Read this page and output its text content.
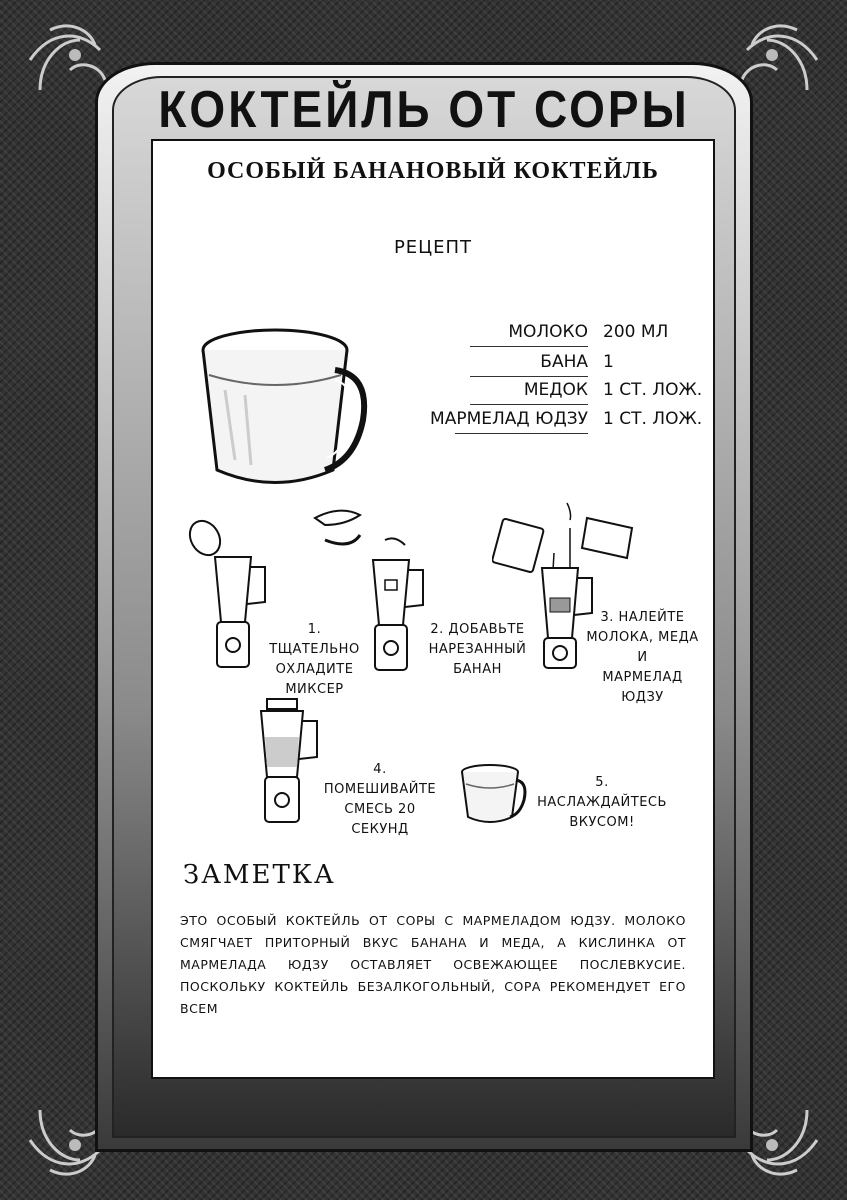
КОКТЕЙЛЬ ОТ СОРЫ
ОСОБЫЙ БАНАНОВЫЙ КОКТЕЙЛЬ
РЕЦЕПТ
МОЛОКО 200 МЛ
БАНА 1
МЕДОК 1 СТ. ЛОЖ.
МАРМЕЛАД ЮДЗУ 1 СТ. ЛОЖ.
1. ТЩАТЕЛЬНО
ОХЛАДИТЕ
МИКСЕР
2. ДОБАВЬТЕ
НАРЕЗАННЫЙ
БАНАН
3. НАЛЕЙТЕ
МОЛОКА, МЕДА И
МАРМЕЛАД ЮДЗУ
4. ПОМЕШИВАЙТЕ
СМЕСЬ 20 СЕКУНД
5. НАСЛАЖДАЙТЕСЬ
ВКУСОМ!
ЗАМЕТКА
ЭТО ОСОБЫЙ КОКТЕЙЛЬ ОТ СОРЫ С МАРМЕЛАДОМ ЮДЗУ. МОЛОКО СМЯГЧАЕТ ПРИТОРНЫЙ ВКУС БАНАНА И МЕДА, А КИСЛИНКА ОТ МАРМЕЛАДА ЮДЗУ ОСТАВЛЯЕТ ОСВЕЖАЮЩЕЕ ПОСЛЕВКУСИЕ. ПОСКОЛЬКУ КОКТЕЙЛЬ БЕЗАЛКОГОЛЬНЫЙ, СОРА РЕКОМЕНДУЕТ ЕГО ВСЕМ
